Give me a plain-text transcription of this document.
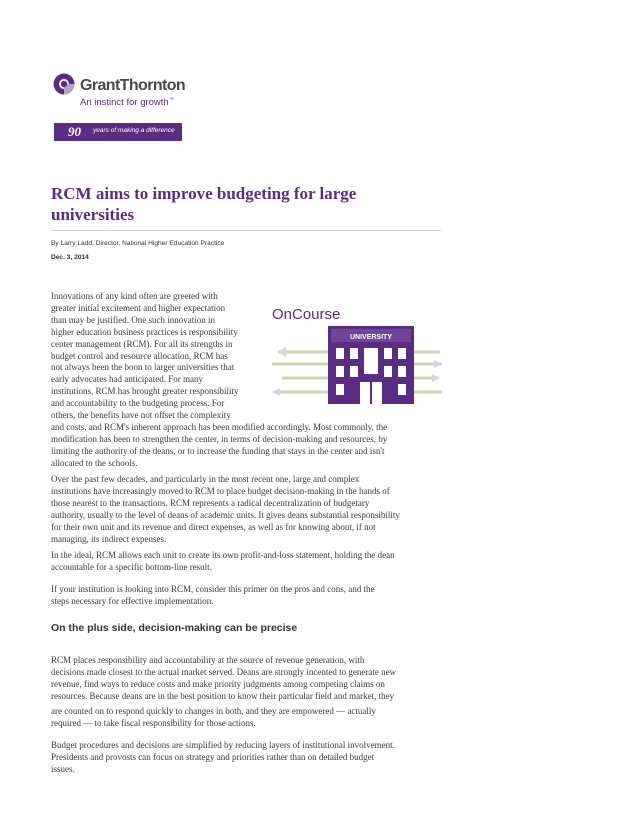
GrantThornton
An instinct for growth™
90 years of making a difference
RCM aims to improve budgeting for large universities
By Larry Ladd, Director, National Higher Education Practice
Dec. 3, 2014
OnCourse
UNIVERSITY
Innovations of any kind often are greeted with
greater initial excitement and higher expectation
than may be justified. One such innovation in
higher education business practices is responsibility
center management (RCM). For all its strengths in
budget control and resource allocation, RCM has
not always been the boon to larger universities that
early advocates had anticipated. For many
institutions, RCM has brought greater responsibility
and accountability to the budgeting process. For
others, the benefits have not offset the complexity
and costs, and RCM's inherent approach has been modified accordingly. Most commonly, the
modification has been to strengthen the center, in terms of decision-making and resources, by
limiting the authority of the deans, or to increase the funding that stays in the center and isn't
allocated to the schools.
Over the past few decades, and particularly in the most recent one, large and complex
institutions have increasingly moved to RCM to place budget decision-making in the hands of
those nearest to the transactions. RCM represents a radical decentralization of budgetary
authority, usually to the level of deans of academic units. It gives deans substantial responsibility
for their own unit and its revenue and direct expenses, as well as for knowing about, if not
managing, its indirect expenses.
In the ideal, RCM allows each unit to create its own profit-and-loss statement, holding the dean
accountable for a specific bottom-line result.
If your institution is looking into RCM, consider this primer on the pros and cons, and the
steps necessary for effective implementation.
On the plus side, decision-making can be precise
RCM places responsibility and accountability at the source of revenue generation, with
decisions made closest to the actual market served. Deans are strongly incented to generate new
revenue, find ways to reduce costs and make priority judgments among competing claims on
resources. Because deans are in the best position to know their particular field and market, they
are counted on to respond quickly to changes in both, and they are empowered — actually
required — to take fiscal responsibility for those actions.
Budget procedures and decisions are simplified by reducing layers of institutional involvement.
Presidents and provosts can focus on strategy and priorities rather than on detailed budget
issues.
